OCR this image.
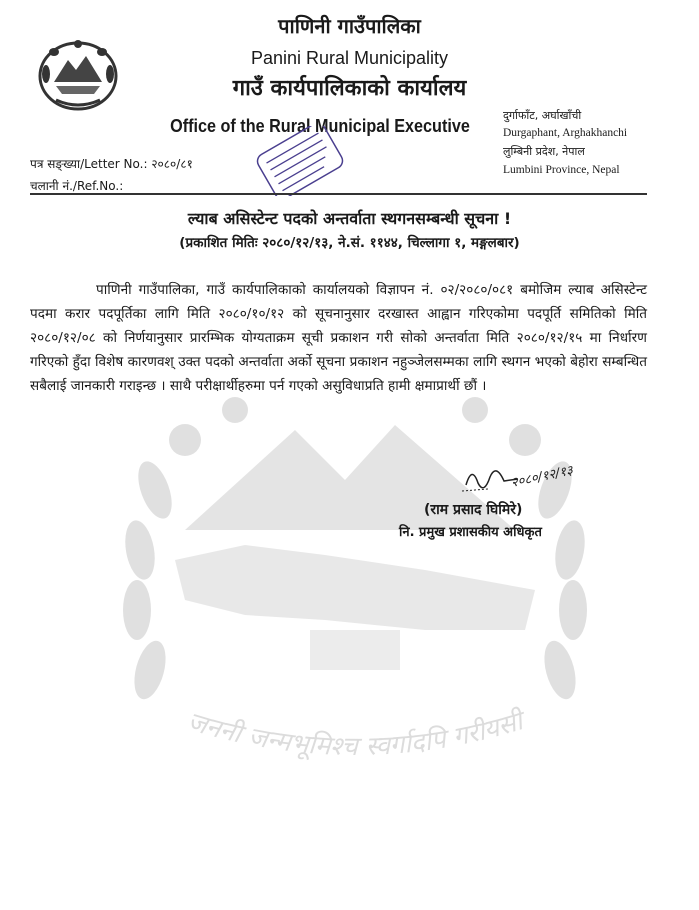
जननी जन्मभूमिश्च स्वर्गादपि गरीयसी
पाणिनी गाउँपालिका
Panini Rural Municipality
गाउँ कार्यपालिकाको कार्यालय
Office of the Rural Municipal Executive
दुर्गाफाँट, अर्घाखाँची
Durgaphant, Arghakhanchi
लुम्बिनी प्रदेश, नेपाल
Lumbini Province, Nepal
पत्र सङ्ख्या/Letter No.: २०८०/८१
चलानी नं./Ref.No.:
ल्याब असिस्टेन्ट पदको अन्तर्वाता स्थगनसम्बन्धी सूचना !
(प्रकाशित मितिः २०८०/१२/१३, ने.सं. ११४४, चिल्लागा १, मङ्गलबार)
पाणिनी गाउँपालिका, गाउँ कार्यपालिकाको कार्यालयको विज्ञापन नं. ०२/२०८०/०८१ बमोजिम ल्याब असिस्टेन्ट पदमा करार पदपूर्तिका लागि मिति २०८०/१०/१२ को सूचनानुसार दरखास्त आह्वान गरिएकोमा पदपूर्ति समितिको मिति २०८०/१२/०८ को निर्णयानुसार प्रारम्भिक योग्यताक्रम सूची प्रकाशन गरी सोको अन्तर्वाता मिति २०८०/१२/१५ मा निर्धारण गरिएको हुँदा विशेष कारणवश् उक्त पदको अन्तर्वाता अर्को सूचना प्रकाशन नहुञ्जेलसम्मका लागि स्थगन भएको बेहोरा सम्बन्धित सबैलाई जानकारी गराइन्छ । साथै परीक्षार्थीहरुमा पर्न गएको असुविधाप्रति हामी क्षमाप्रार्थी छौं ।
२०८०/१२/१३
(राम प्रसाद घिमिरे)
नि. प्रमुख प्रशासकीय अधिकृत
